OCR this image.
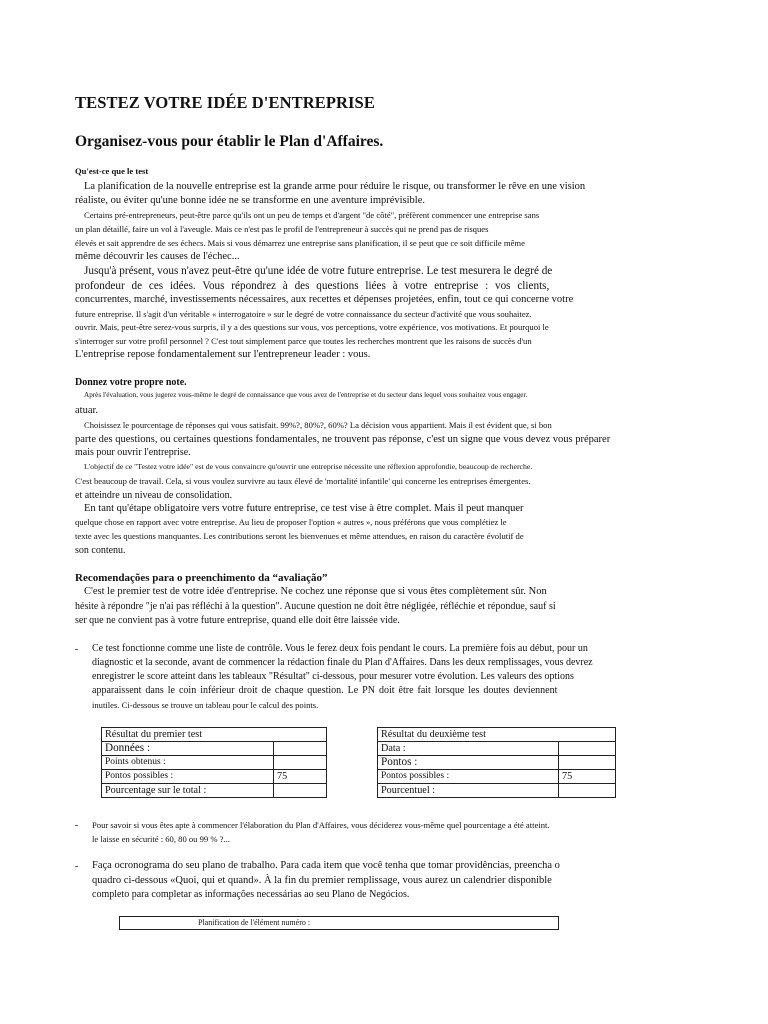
TESTEZ VOTRE IDÉE D'ENTREPRISE
Organisez-vous pour établir le Plan d'Affaires.
Qu'est-ce que le test
La planification de la nouvelle entreprise est la grande arme pour réduire le risque, ou transformer le rêve en une vision
réaliste, ou éviter qu'une bonne idée ne se transforme en une aventure imprévisible.
Certains pré-entrepreneurs, peut-être parce qu'ils ont un peu de temps et d'argent "de côté", préfèrent commencer une entreprise sans
un plan détaillé, faire un vol à l'aveugle. Mais ce n'est pas le profil de l'entrepreneur à succès qui ne prend pas de risques
élevés et sait apprendre de ses échecs. Mais si vous démarrez une entreprise sans planification, il se peut que ce soit difficile même
même découvrir les causes de l'échec...
Jusqu'à présent, vous n'avez peut-être qu'une idée de votre future entreprise. Le test mesurera le degré de
profondeur de ces idées. Vous répondrez à des questions liées à votre entreprise : vos clients,
concurrentes, marché, investissements nécessaires, aux recettes et dépenses projetées, enfin, tout ce qui concerne votre
future entreprise. Il s'agit d'un véritable « interrogatoire » sur le degré de votre connaissance du secteur d'activité que vous souhaitez.
ouvrir. Mais, peut-être serez-vous surpris, il y a des questions sur vous, vos perceptions, votre expérience, vos motivations. Et pourquoi le
s'interroger sur votre profil personnel ? C'est tout simplement parce que toutes les recherches montrent que les raisons de succès d'un
L'entreprise repose fondamentalement sur l'entrepreneur leader : vous.
Donnez votre propre note.
Après l'évaluation, vous jugerez vous-même le degré de connaissance que vous avez de l'entreprise et du secteur dans lequel vous souhaitez vous engager.
atuar.
Choisissez le pourcentage de réponses qui vous satisfait. 99%?, 80%?, 60%? La décision vous appartient. Mais il est évident que, si bon
parte des questions, ou certaines questions fondamentales, ne trouvent pas réponse, c'est un signe que vous devez vous préparer
mais pour ouvrir l'entreprise.
L'objectif de ce "Testez votre idée" est de vous convaincre qu'ouvrir une entreprise nécessite une réflexion approfondie, beaucoup de recherche.
C'est beaucoup de travail. Cela, si vous voulez survivre au taux élevé de 'mortalité infantile' qui concerne les entreprises émergentes.
et atteindre un niveau de consolidation.
En tant qu'étape obligatoire vers votre future entreprise, ce test vise à être complet. Mais il peut manquer
quelque chose en rapport avec votre entreprise. Au lieu de proposer l'option « autres », nous préférons que vous complétiez le
texte avec les questions manquantes. Les contributions seront les bienvenues et même attendues, en raison du caractère évolutif de
son contenu.
Recomendações para o preenchimento da “avaliação”
C'est le premier test de votre idée d'entreprise. Ne cochez une réponse que si vous êtes complètement sûr. Non
hésite à répondre "je n'ai pas réfléchi à la question". Aucune question ne doit être négligée, réfléchie et répondue, sauf si
ser que ne convient pas à votre future entreprise, quand elle doit être laissée vide.
- Ce test fonctionne comme une liste de contrôle. Vous le ferez deux fois pendant le cours. La première fois au début, pour un
diagnostic et la seconde, avant de commencer la rédaction finale du Plan d'Affaires. Dans les deux remplissages, vous devrez
enregistrer le score atteint dans les tableaux "Résultat" ci-dessous, pour mesurer votre évolution. Les valeurs des options
apparaissent dans le coin inférieur droit de chaque question. Le PN doit être fait lorsque les doutes deviennent
inutiles. Ci-dessous se trouve un tableau pour le calcul des points.
Résultat du premier test	
Données :	
Points obtenus :	
Pontos possibles :	75
Pourcentage sur le total :	
Résultat du deuxième test	
Data :	
Pontos :	
Pontos possibles :	75
Pourcentuel :	
- Pour savoir si vous êtes apte à commencer l'élaboration du Plan d'Affaires, vous déciderez vous-même quel pourcentage a été atteint.
le laisse en sécurité : 60, 80 ou 99 % ?...
- Faça ocronograma do seu plano de trabalho. Para cada item que você tenha que tomar providências, preencha o
quadro ci-dessous «Quoi, qui et quand». À la fin du premier remplissage, vous aurez un calendrier disponible
completo para completar as informações necessárias ao seu Plano de Negócios.
Planification de l'élément numéro :
